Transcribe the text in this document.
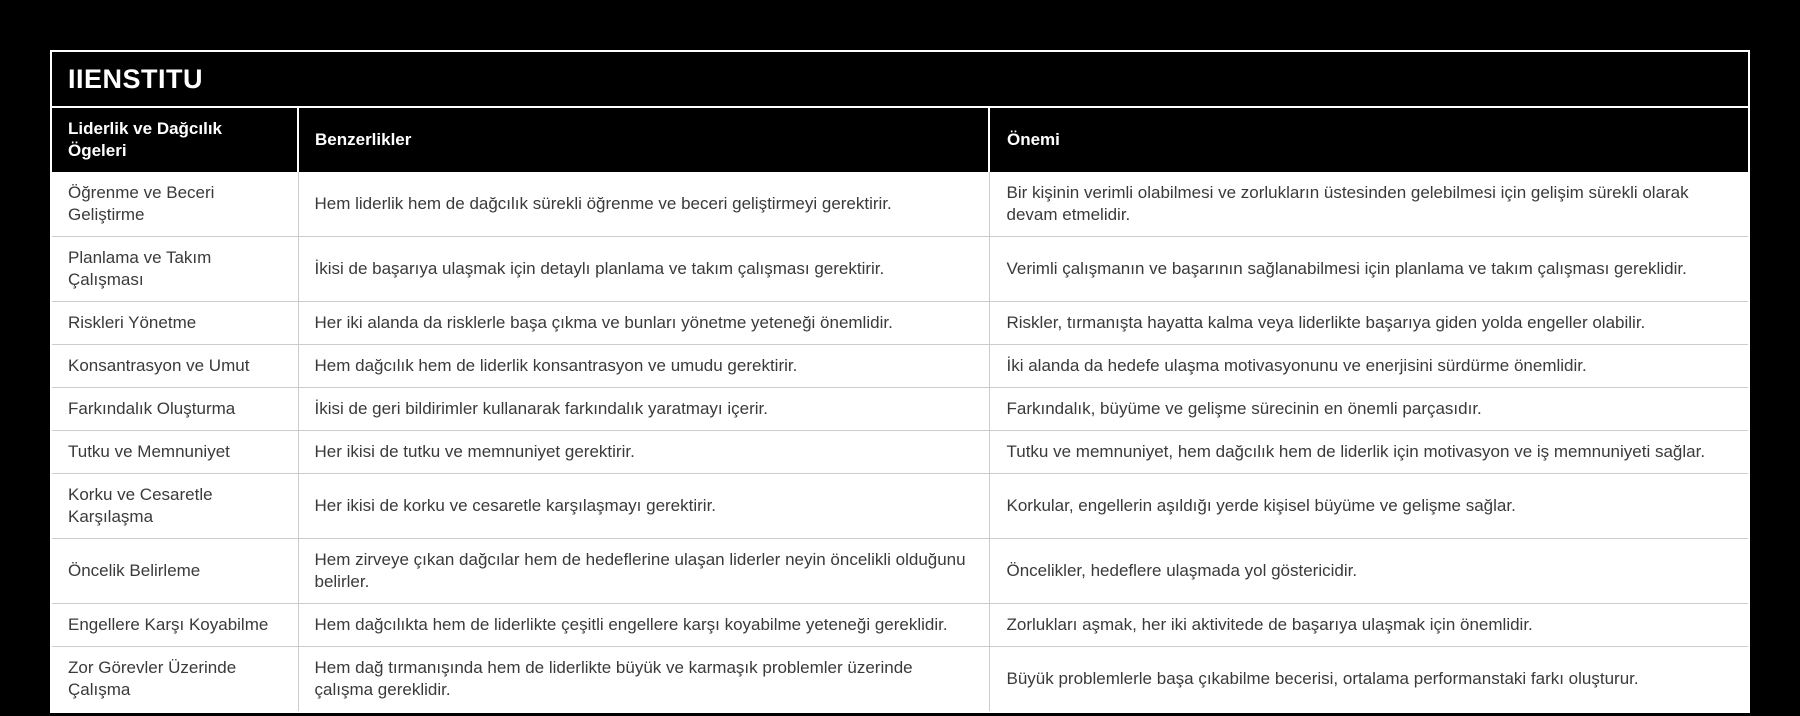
IIENSTITU
Liderlik ve Dağcılık Ögeleri	Benzerlikler	Önemi
Öğrenme ve Beceri Geliştirme	Hem liderlik hem de dağcılık sürekli öğrenme ve beceri geliştirmeyi gerektirir.	Bir kişinin verimli olabilmesi ve zorlukların üstesinden gelebilmesi için gelişim sürekli olarak devam etmelidir.
Planlama ve Takım Çalışması	İkisi de başarıya ulaşmak için detaylı planlama ve takım çalışması gerektirir.	Verimli çalışmanın ve başarının sağlanabilmesi için planlama ve takım çalışması gereklidir.
Riskleri Yönetme	Her iki alanda da risklerle başa çıkma ve bunları yönetme yeteneği önemlidir.	Riskler, tırmanışta hayatta kalma veya liderlikte başarıya giden yolda engeller olabilir.
Konsantrasyon ve Umut	Hem dağcılık hem de liderlik konsantrasyon ve umudu gerektirir.	İki alanda da hedefe ulaşma motivasyonunu ve enerjisini sürdürme önemlidir.
Farkındalık Oluşturma	İkisi de geri bildirimler kullanarak farkındalık yaratmayı içerir.	Farkındalık, büyüme ve gelişme sürecinin en önemli parçasıdır.
Tutku ve Memnuniyet	Her ikisi de tutku ve memnuniyet gerektirir.	Tutku ve memnuniyet, hem dağcılık hem de liderlik için motivasyon ve iş memnuniyeti sağlar.
Korku ve Cesaretle Karşılaşma	Her ikisi de korku ve cesaretle karşılaşmayı gerektirir.	Korkular, engellerin aşıldığı yerde kişisel büyüme ve gelişme sağlar.
Öncelik Belirleme	Hem zirveye çıkan dağcılar hem de hedeflerine ulaşan liderler neyin öncelikli olduğunu belirler.	Öncelikler, hedeflere ulaşmada yol göstericidir.
Engellere Karşı Koyabilme	Hem dağcılıkta hem de liderlikte çeşitli engellere karşı koyabilme yeteneği gereklidir.	Zorlukları aşmak, her iki aktivitede de başarıya ulaşmak için önemlidir.
Zor Görevler Üzerinde Çalışma	Hem dağ tırmanışında hem de liderlikte büyük ve karmaşık problemler üzerinde çalışma gereklidir.	Büyük problemlerle başa çıkabilme becerisi, ortalama performanstaki farkı oluşturur.
